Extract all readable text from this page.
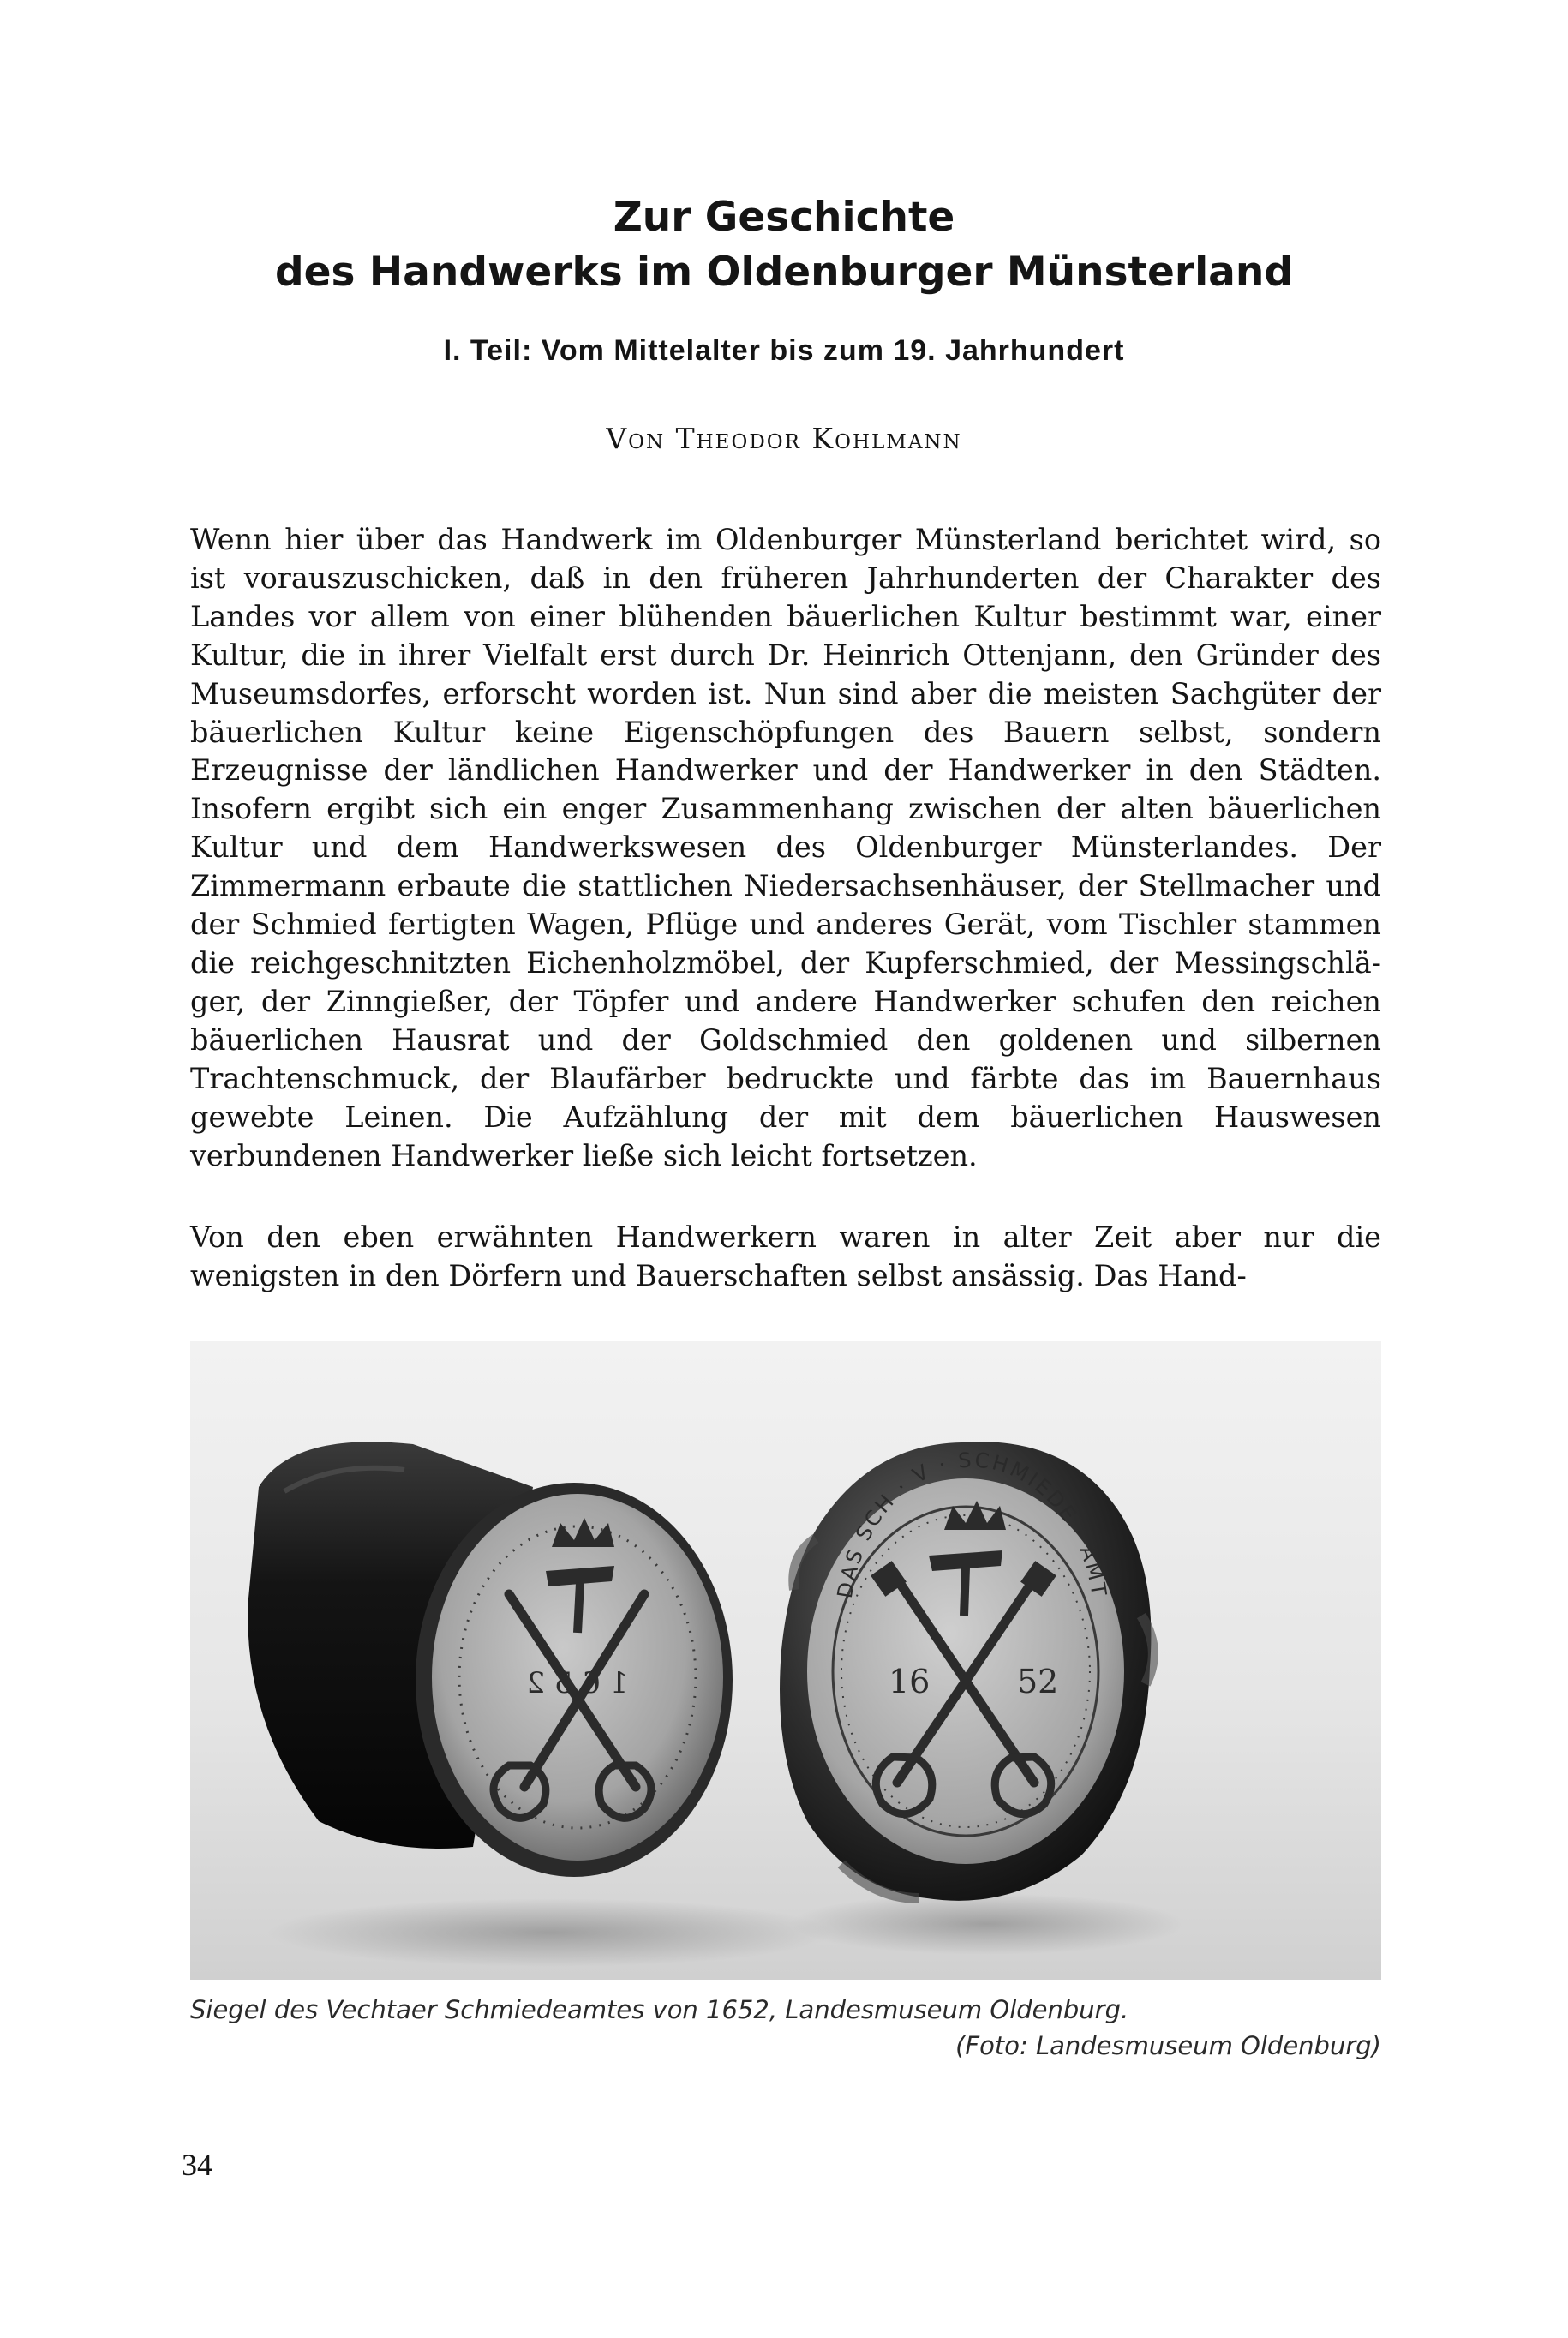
Zur Geschichte
des Handwerks im Oldenburger Münsterland
I. Teil: Vom Mittelalter bis zum 19. Jahrhundert
Von Theodor Kohlmann

Wenn hier über das Handwerk im Oldenburger Münsterland berichtet wird, so ist vorauszuschicken, daß in den früheren Jahrhunderten der Charakter des Landes vor allem von einer blühenden bäuerlichen Kultur bestimmt war, einer Kultur, die in ihrer Vielfalt erst durch Dr. Heinrich Ottenjann, den Gründer des Museumsdorfes, erforscht worden ist. Nun sind aber die meisten Sachgüter der bäuerlichen Kultur keine Eigenschöpfungen des Bauern selbst, sondern Erzeugnisse der ländlichen Handwerker und der Handwerker in den Städten. Insofern ergibt sich ein enger Zusammenhang zwischen der alten bäuerlichen Kultur und dem Handwerkswesen des Oldenburger Münsterlandes. Der Zimmermann erbaute die stattlichen Niedersachsenhäuser, der Stellmacher und der Schmied fertigten Wagen, Pflüge und anderes Gerät, vom Tischler stammen die reichgeschnitzten Eichenholzmöbel, der Kupferschmied, der Messingschläger, der Zinngießer, der Töpfer und andere Handwerker schufen den reichen bäuerlichen Hausrat und der Goldschmied den goldenen und silbernen Trachtenschmuck, der Blaufärber bedruckte und färbte das im Bauernhaus gewebte Leinen. Die Aufzählung der mit dem bäuerlichen Hauswesen verbundenen Handwerker ließe sich leicht fortsetzen.

Von den eben erwähnten Handwerkern waren in alter Zeit aber nur die wenigsten in den Dörfern und Bauerschaften selbst ansässig. Das Hand-

1 6 5 2
DAS SCH · V · SCHMIEDE · AMT
16	52
Siegel des Vechtaer Schmiedeamtes von 1652, Landesmuseum Oldenburg.
(Foto: Landesmuseum Oldenburg)
34
